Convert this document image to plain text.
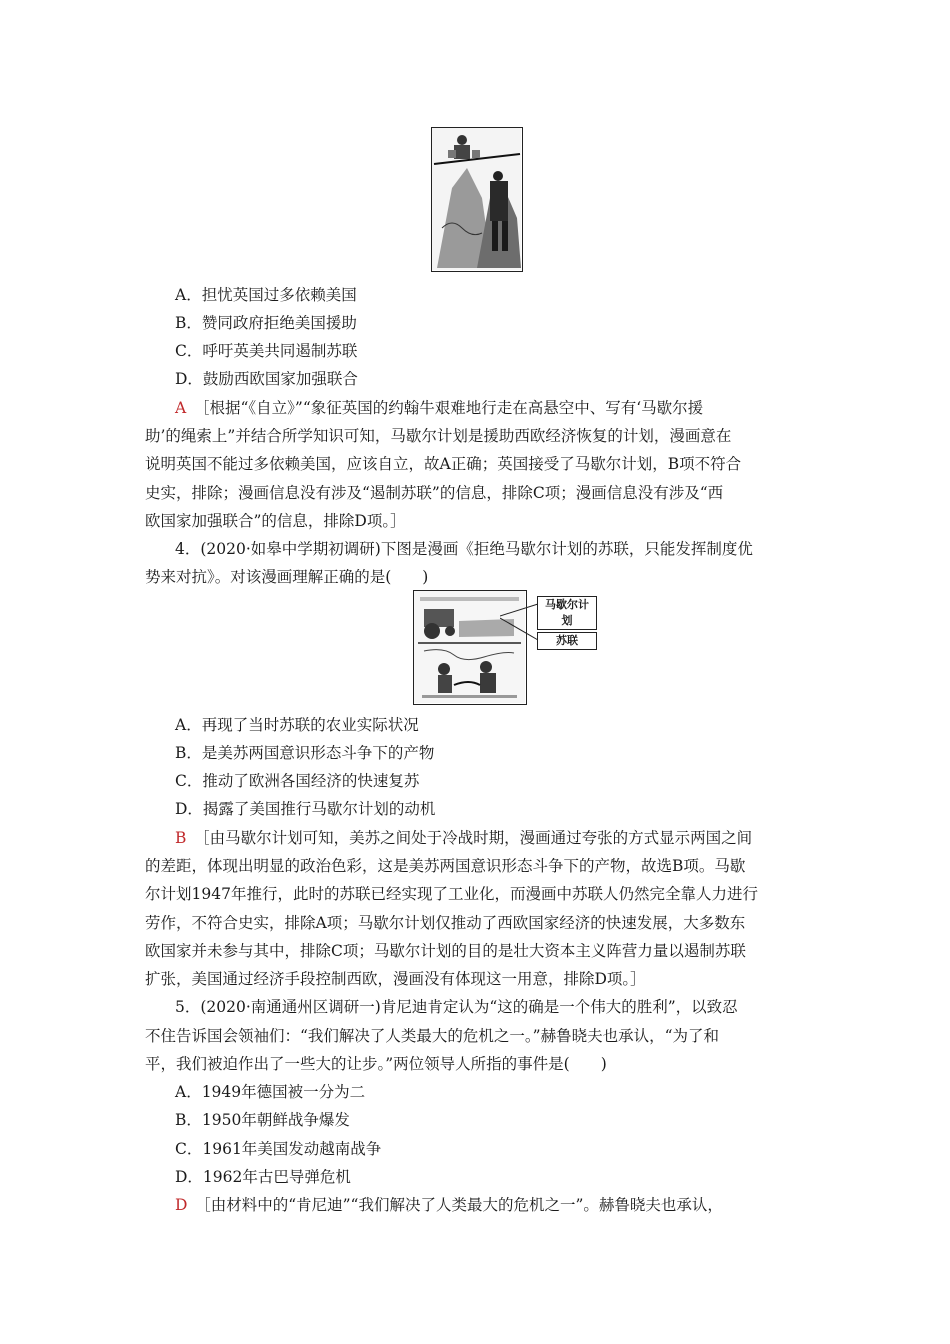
A．担忧英国过多依赖美国
B．赞同政府拒绝美国援助
C．呼吁英美共同遏制苏联
D．鼓励西欧国家加强联合
A　 ［根据“《自立》”“象征英国的约翰牛艰难地行走在高悬空中、写有‘马歇尔援
助’的绳索上”并结合所学知识可知，马歇尔计划是援助西欧经济恢复的计划，漫画意在
说明英国不能过多依赖美国，应该自立，故A正确；英国接受了马歇尔计划，B项不符合
史实，排除；漫画信息没有涉及“遏制苏联”的信息，排除C项；漫画信息没有涉及“西
欧国家加强联合”的信息，排除D项。］
4．(2020·如皋中学期初调研)下图是漫画《拒绝马歇尔计划的苏联，只能发挥制度优
势来对抗》。对该漫画理解正确的是(　　)
马歇尔计划
苏联
A．再现了当时苏联的农业实际状况
B．是美苏两国意识形态斗争下的产物
C．推动了欧洲各国经济的快速复苏
D．揭露了美国推行马歇尔计划的动机
B　 ［由马歇尔计划可知，美苏之间处于冷战时期，漫画通过夸张的方式显示两国之间
的差距，体现出明显的政治色彩，这是美苏两国意识形态斗争下的产物，故选B项。马歇
尔计划1947年推行，此时的苏联已经实现了工业化，而漫画中苏联人仍然完全靠人力进行
劳作，不符合史实，排除A项；马歇尔计划仅推动了西欧国家经济的快速发展，大多数东
欧国家并未参与其中，排除C项；马歇尔计划的目的是壮大资本主义阵营力量以遏制苏联
扩张，美国通过经济手段控制西欧，漫画没有体现这一用意，排除D项。］
5．(2020·南通通州区调研一)肯尼迪肯定认为“这的确是一个伟大的胜利”，以致忍
不住告诉国会领袖们：“我们解决了人类最大的危机之一。”赫鲁晓夫也承认，“为了和
平，我们被迫作出了一些大的让步。”两位领导人所指的事件是(　　)
A．1949年德国被一分为二
B．1950年朝鲜战争爆发
C．1961年美国发动越南战争
D．1962年古巴导弹危机
D　 ［由材料中的“肯尼迪”“我们解决了人类最大的危机之一”。赫鲁晓夫也承认，
